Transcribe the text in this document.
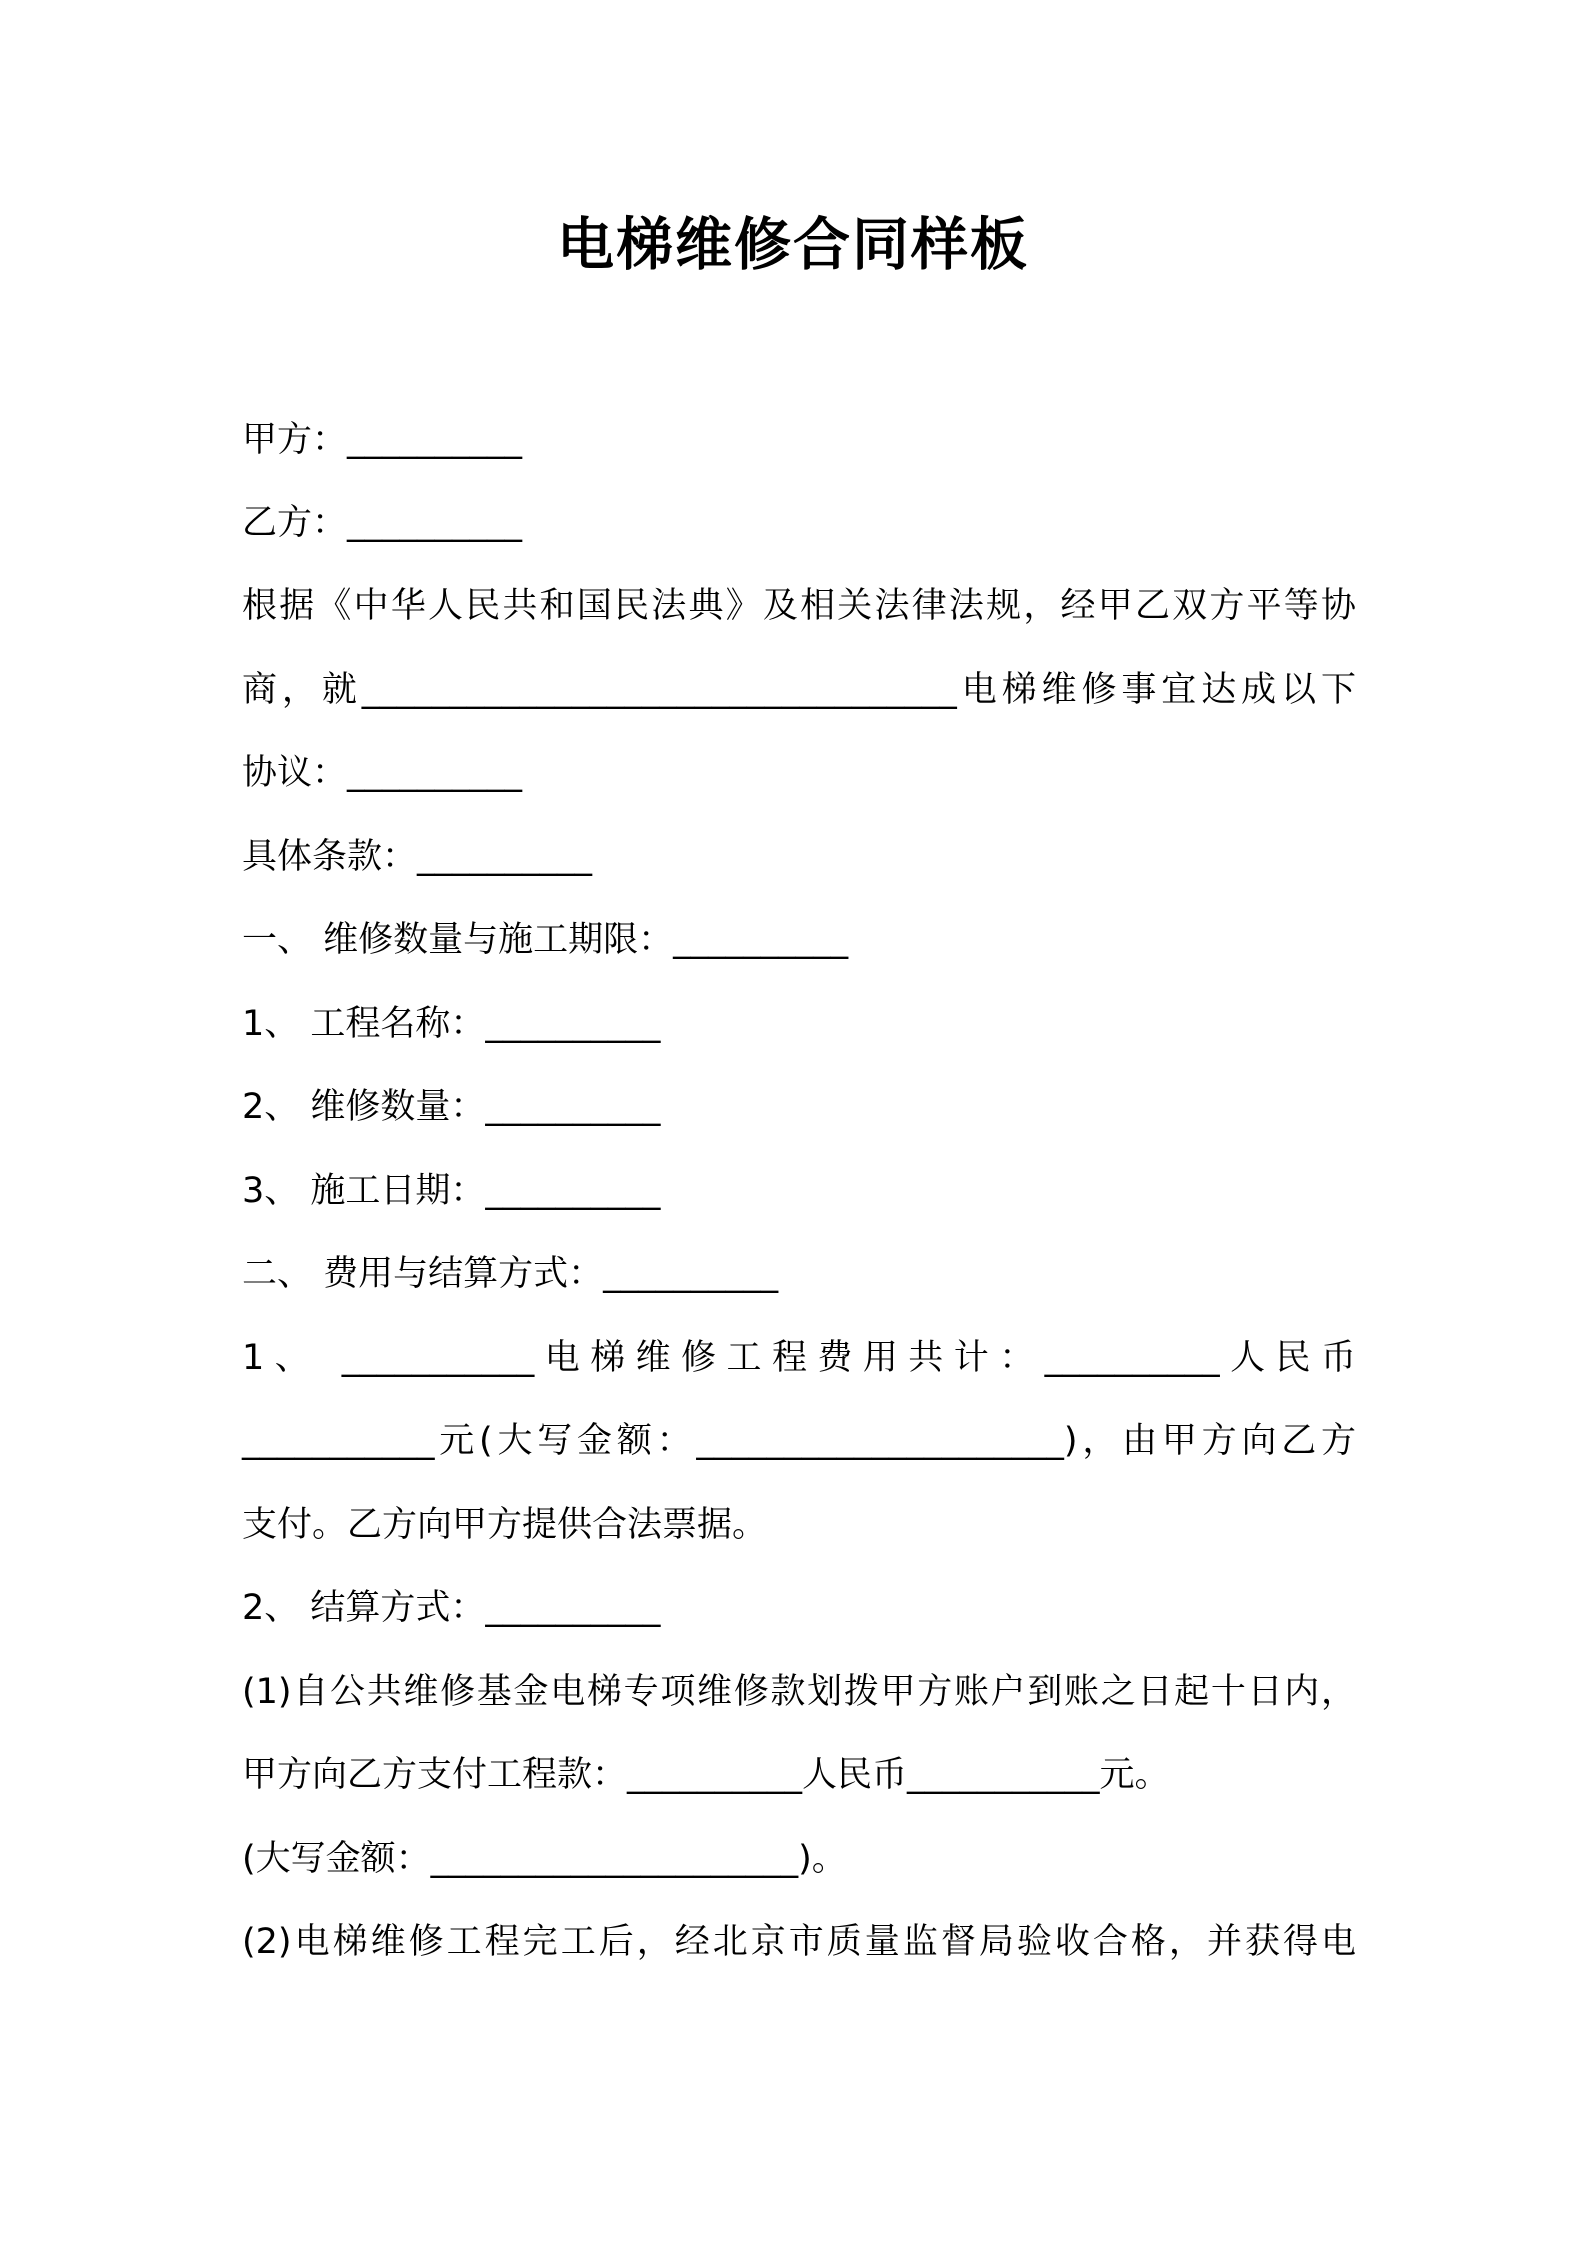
电梯维修合同样板
甲方：__________
乙方：__________
根据《中华人民共和国民法典》及相关法律法规，经甲乙双方平等协
商，就__________________________________电梯维修事宜达成以下
协议：__________
具体条款：__________
一、 维修数量与施工期限：__________
1、 工程名称：__________
2、 维修数量：__________
3、 施工日期：__________
二、 费用与结算方式：__________
1、 ___________电梯维修工程费用共计：__________人民币
___________元(大写金额：_____________________)，由甲方向乙方
支付。乙方向甲方提供合法票据。
2、 结算方式：__________
(1)自公共维修基金电梯专项维修款划拨甲方账户到账之日起十日内，
甲方向乙方支付工程款：__________人民币___________元。
(大写金额：_____________________)。
(2)电梯维修工程完工后，经北京市质量监督局验收合格，并获得电
